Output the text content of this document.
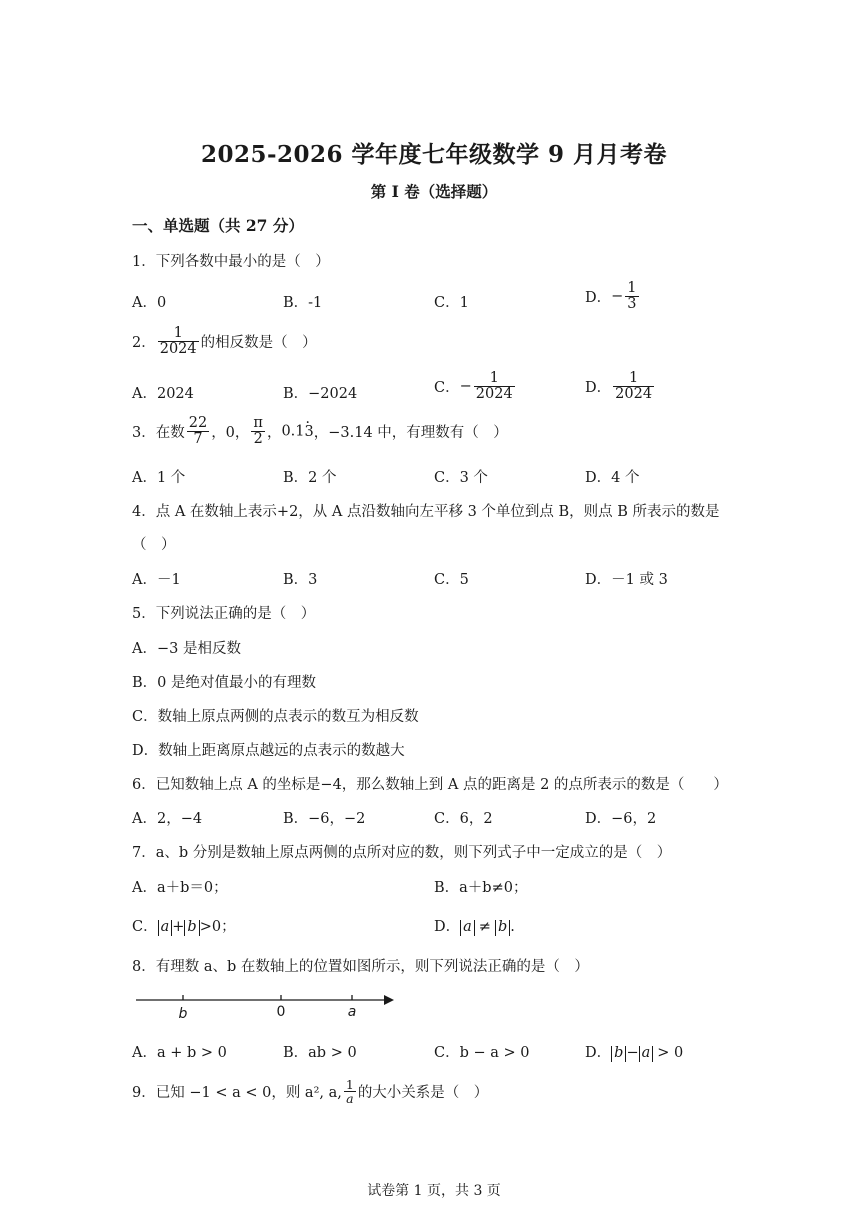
2025-2026 学年度七年级数学 9 月月考卷
第 I 卷（选择题）
一、单选题（共 27 分）
1．下列各数中最小的是（　）
A．0	B．-1	C．1	D．− $\frac{1}{3}$
2． $\frac{1}{2024}$ 的相反数是（　）
A．2024	B．−2024	C．− $\frac{1}{2024}$	D． $\frac{1}{2024}$
3．在数 $\frac{22}{7}$ ，0， $\frac{\pi}{2}$ ，0.13 ·，−3.14 中，有理数有（　）
A．1 个	B．2 个	C．3 个	D．4 个
4．点 A 在数轴上表示+2，从 A 点沿数轴向左平移 3 个单位到点 B，则点 B 所表示的数是
（　）
A．－1	B．3	C．5	D．－1 或 3
5．下列说法正确的是（　）
A．−3 是相反数
B．0 是绝对值最小的有理数
C．数轴上原点两侧的点表示的数互为相反数
D．数轴上距离原点越远的点表示的数越大
6．已知数轴上点 A 的坐标是−4，那么数轴上到 A 点的距离是 2 的点所表示的数是（　　）
A．2，−4	B．−6，−2	C．6，2	D．−6，2
7．a、b 分别是数轴上原点两侧的点所对应的数，则下列式子中一定成立的是（　）
A．a＋b＝0；	B．a＋b≠0；
C． a + b >0；	D． a ≠ b .
8．有理数 a、b 在数轴上的位置如图所示，则下列说法正确的是（　）
b	0	a
A．a + b > 0	B．ab > 0	C．b − a > 0	D． b − a > 0
9．已知 −1 < a < 0，则 a², a, $\frac{1}{a}$ 的大小关系是（　）
试卷第 1 页，共 3 页
